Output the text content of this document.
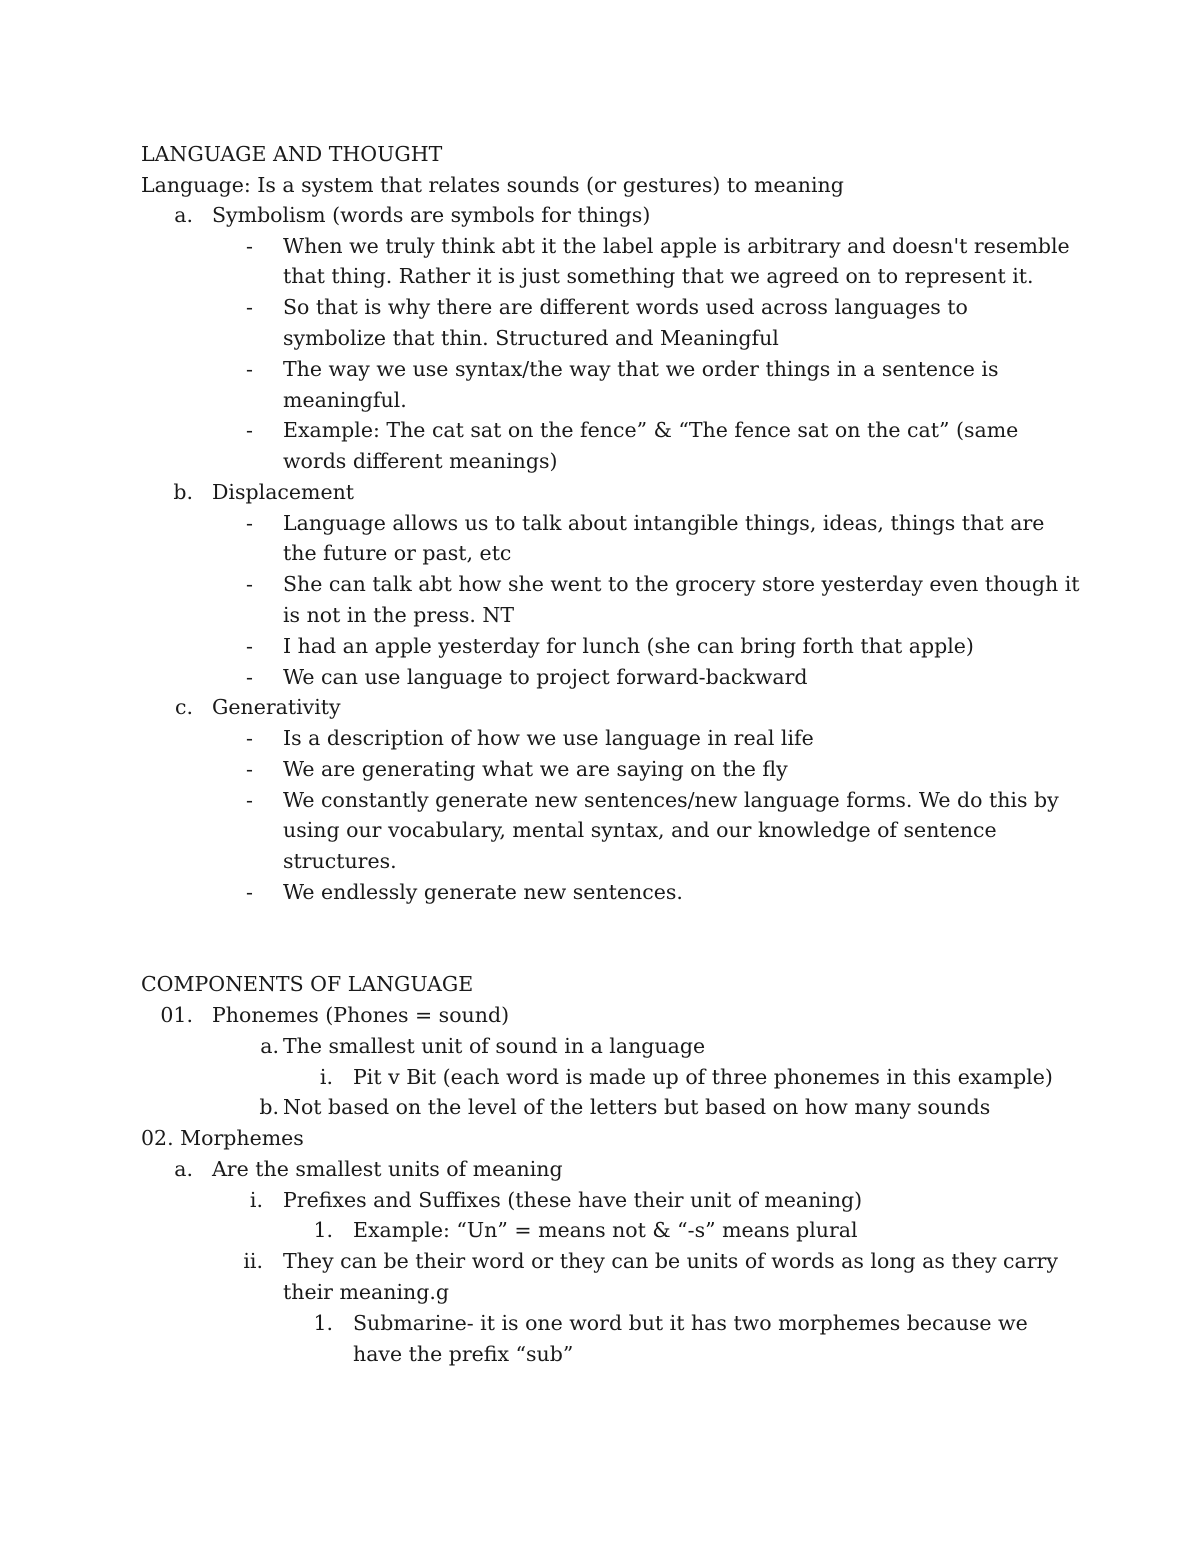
LANGUAGE AND THOUGHT
Language: Is a system that relates sounds (or gestures) to meaning
a. Symbolism (words are symbols for things)
- When we truly think abt it the label apple is arbitrary and doesn't resemble
that thing. Rather it is just something that we agreed on to represent it.
- So that is why there are different words used across languages to
symbolize that thin. Structured and Meaningful
- The way we use syntax/the way that we order things in a sentence is
meaningful.
- Example: The cat sat on the fence” & “The fence sat on the cat” (same
words different meanings)
b. Displacement
- Language allows us to talk about intangible things, ideas, things that are
the future or past, etc
- She can talk abt how she went to the grocery store yesterday even though it
is not in the press. NT
- I had an apple yesterday for lunch (she can bring forth that apple)
- We can use language to project forward-backward
c. Generativity
- Is a description of how we use language in real life
- We are generating what we are saying on the fly
- We constantly generate new sentences/new language forms. We do this by
using our vocabulary, mental syntax, and our knowledge of sentence
structures.
- We endlessly generate new sentences.
COMPONENTS OF LANGUAGE
01. Phonemes (Phones = sound)
a. The smallest unit of sound in a language
i. Pit v Bit (each word is made up of three phonemes in this example)
b. Not based on the level of the letters but based on how many sounds
02. Morphemes
a. Are the smallest units of meaning
i. Prefixes and Suffixes (these have their unit of meaning)
1. Example: “Un” = means not & “-s” means plural
ii. They can be their word or they can be units of words as long as they carry
their meaning.g
1. Submarine- it is one word but it has two morphemes because we
have the prefix “sub”
